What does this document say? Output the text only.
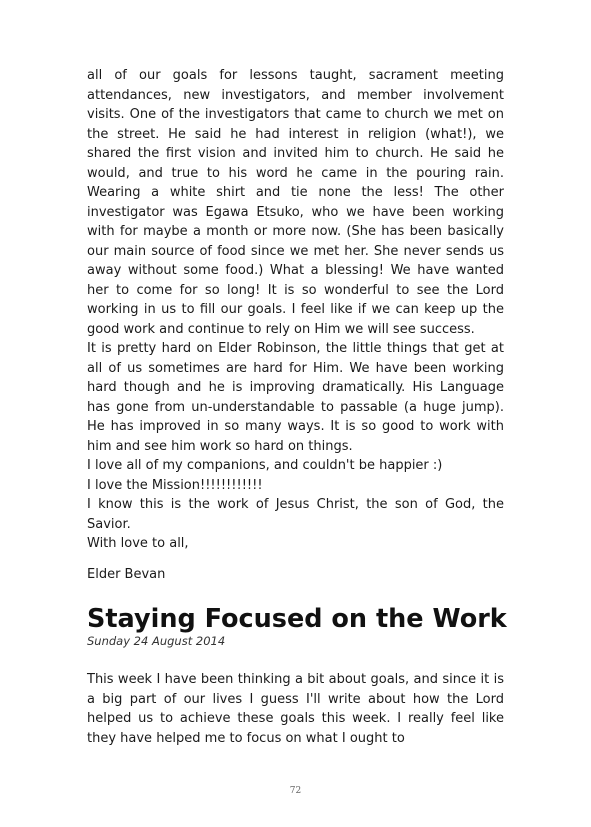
all of our goals for lessons taught, sacrament meeting attendances, new investigators, and member involvement visits. One of the investigators that came to church we met on the street. He said he had interest in religion (what!), we shared the first vision and invited him to church. He said he would, and true to his word he came in the pouring rain. Wearing a white shirt and tie none the less! The other investigator was Egawa Etsuko, who we have been working with for maybe a month or more now. (She has been basically our main source of food since we met her. She never sends us away without some food.) What a blessing! We have wanted her to come for so long! It is so wonderful to see the Lord working in us to fill our goals. I feel like if we can keep up the good work and continue to rely on Him we will see success.

It is pretty hard on Elder Robinson, the little things that get at all of us sometimes are hard for Him. We have been working hard though and he is improving dramatically. His Language has gone from un-understandable to passable (a huge jump). He has improved in so many ways. It is so good to work with him and see him work so hard on things.

I love all of my companions, and couldn't be happier :)

I love the Mission!!!!!!!!!!!!

I know this is the work of Jesus Christ, the son of God, the Savior.

With love to all,

Elder Bevan

Staying Focused on the Work

Sunday 24 August 2014

This week I have been thinking a bit about goals, and since it is a big part of our lives I guess I'll write about how the Lord helped us to achieve these goals this week. I really feel like they have helped me to focus on what I ought to

72
